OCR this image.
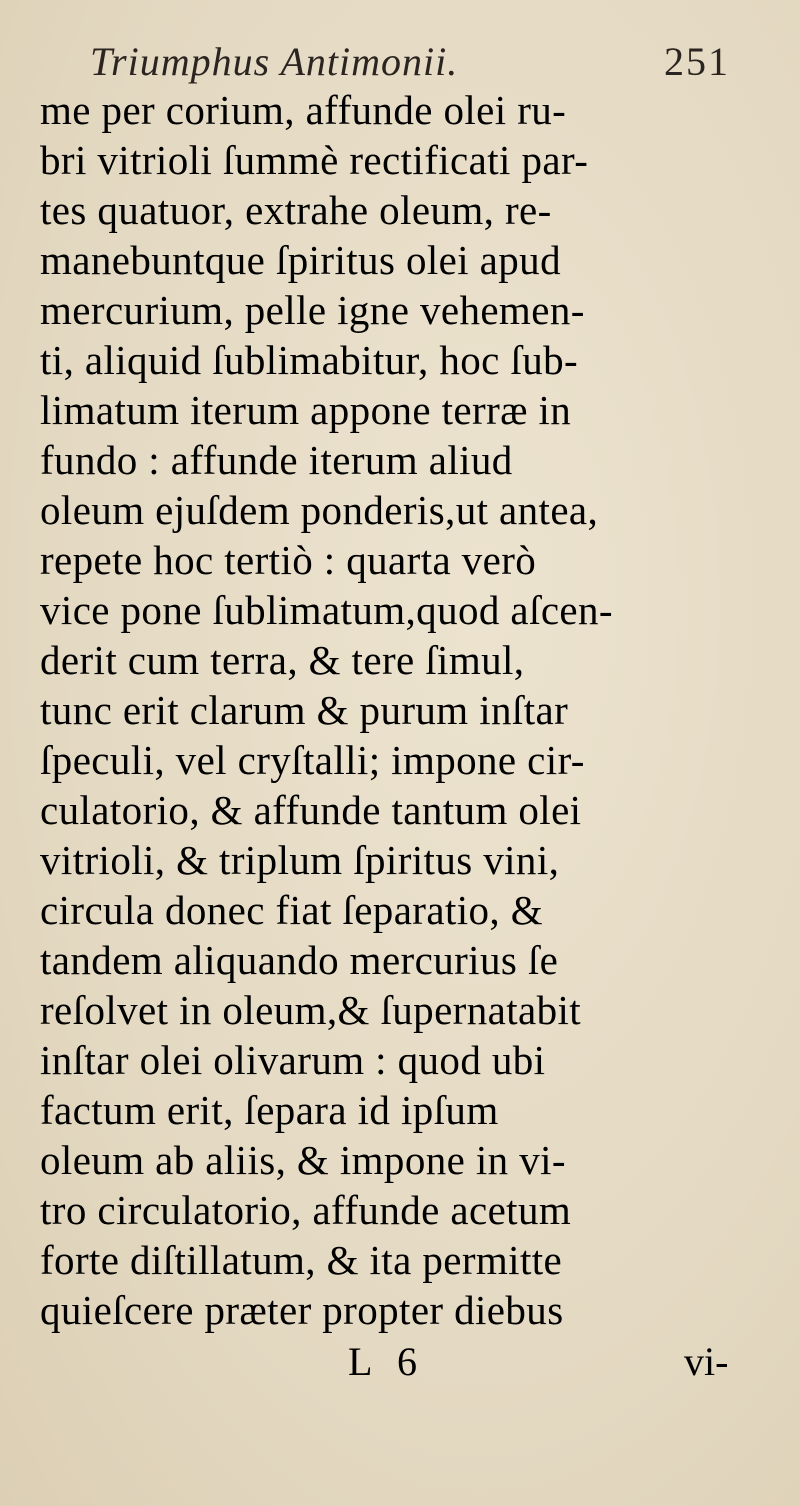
Triumphus Antimonii.	251
me per corium, affunde olei ru-
bri vitrioli ſummè rectificati par-
tes quatuor, extrahe oleum, re-
manebuntque ſpiritus olei apud
mercurium, pelle igne vehemen-
ti, aliquid ſublimabitur, hoc ſub-
limatum iterum appone terræ in
fundo : affunde iterum aliud
oleum ejuſdem ponderis,ut antea,
repete hoc tertiò : quarta verò
vice pone ſublimatum,quod aſcen-
derit cum terra, & tere ſimul,
tunc erit clarum & purum inſtar
ſpeculi, vel cryſtalli; impone cir-
culatorio, & affunde tantum olei
vitrioli, & triplum ſpiritus vini,
circula donec fiat ſeparatio, &
tandem aliquando mercurius ſe
reſolvet in oleum,& ſupernatabit
inſtar olei olivarum : quod ubi
factum erit, ſepara id ipſum
oleum ab aliis, & impone in vi-
tro circulatorio, affunde acetum
forte diſtillatum, & ita permitte
quieſcere præter propter diebus
L 6	vi-
